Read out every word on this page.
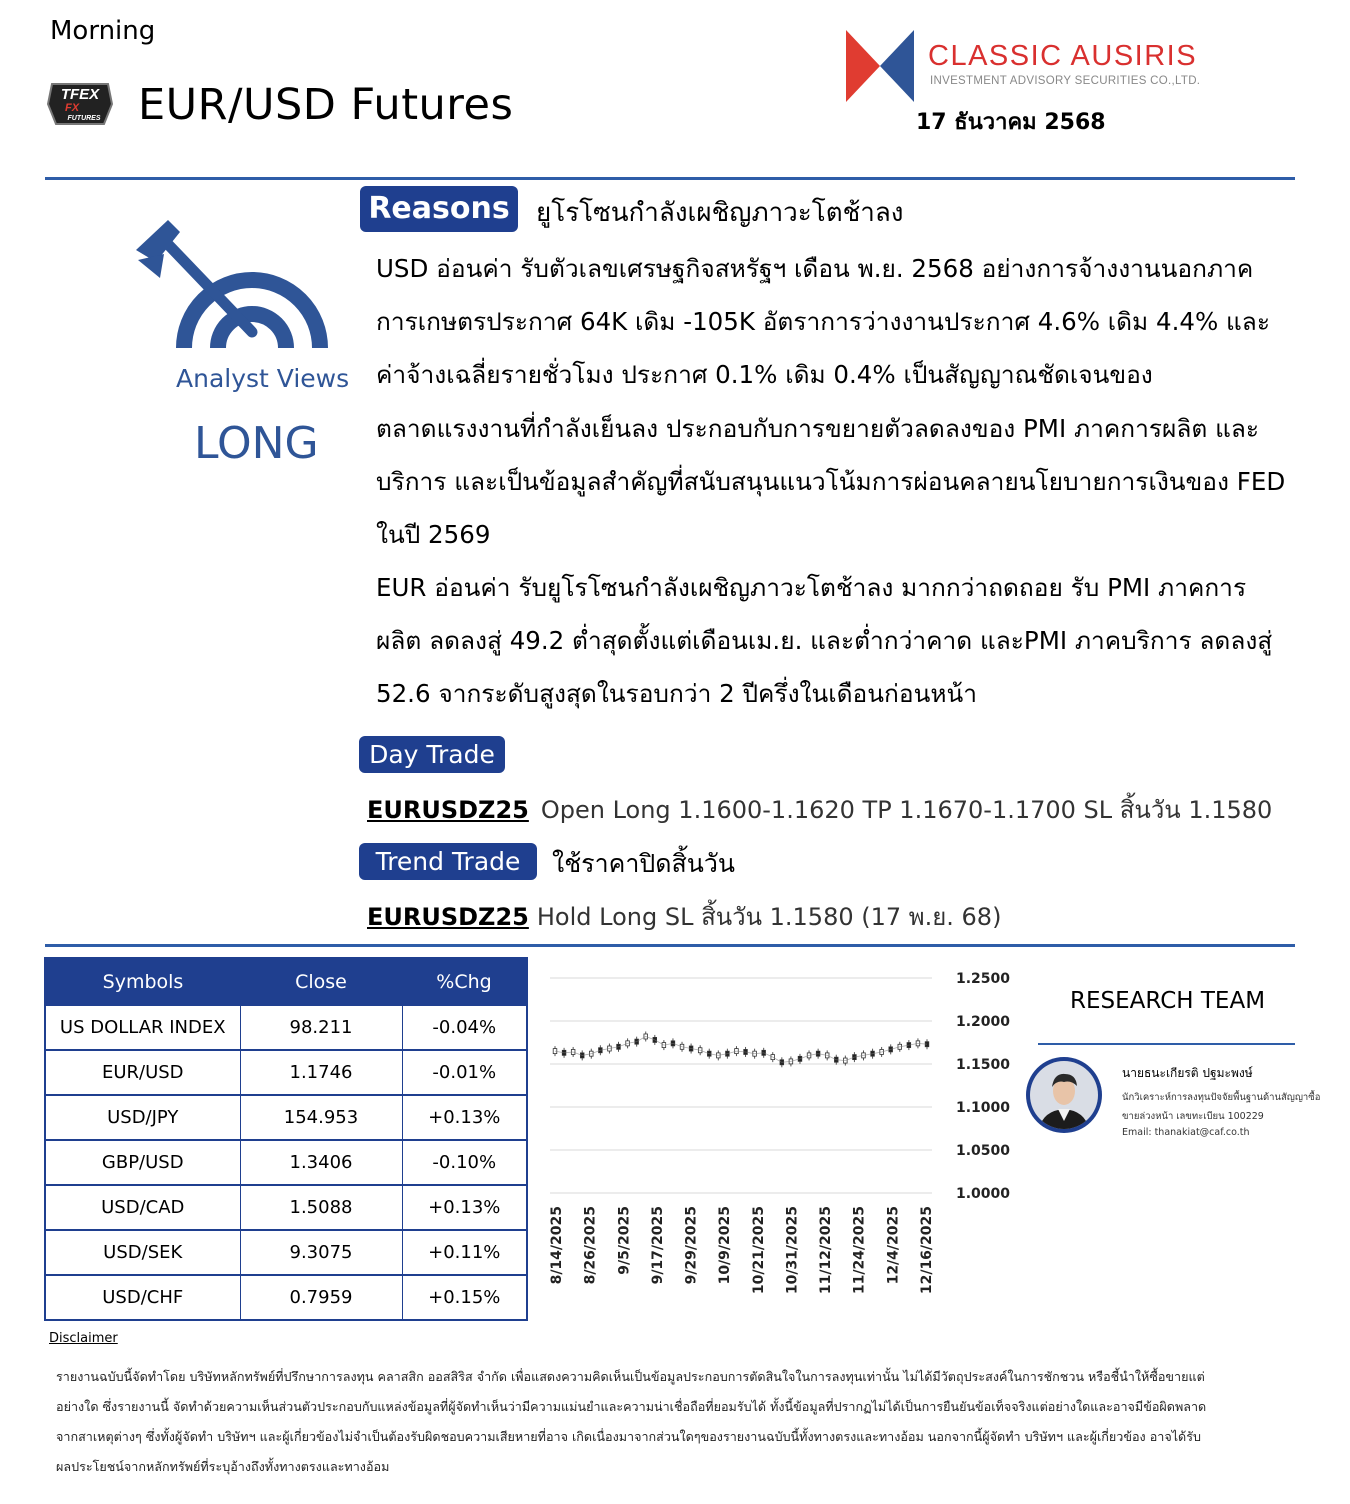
Morning
TFEX
FX
FUTURES EUR/USD Futures
CLASSIC AUSIRIS
INVESTMENT ADVISORY SECURITIES CO.,LTD.
17 ธันวาคม 2568
Analyst Views
LONG
Reasons	ยูโรโซนกำลังเผชิญภาวะโตช้าลง
USD อ่อนค่า รับตัวเลขเศรษฐกิจสหรัฐฯ เดือน พ.ย. 2568 อย่างการจ้างงานนอกภาค
การเกษตรประกาศ 64K เดิม -105K อัตราการว่างงานประกาศ 4.6% เดิม 4.4% และ
ค่าจ้างเฉลี่ยรายชั่วโมง ประกาศ 0.1% เดิม 0.4% เป็นสัญญาณชัดเจนของ
ตลาดแรงงานที่กำลังเย็นลง ประกอบกับการขยายตัวลดลงของ PMI ภาคการผลิต และ
บริการ และเป็นข้อมูลสำคัญที่สนับสนุนแนวโน้มการผ่อนคลายนโยบายการเงินของ FED
ในปี 2569
EUR อ่อนค่า รับยูโรโซนกำลังเผชิญภาวะโตช้าลง มากกว่าถดถอย รับ PMI ภาคการ
ผลิต ลดลงสู่ 49.2 ต่ำสุดตั้งแต่เดือนเม.ย. และต่ำกว่าคาด และPMI ภาคบริการ ลดลงสู่
52.6 จากระดับสูงสุดในรอบกว่า 2 ปีครึ่งในเดือนก่อนหน้า
Day Trade
EURUSDZ25 Open Long 1.1600-1.1620 TP 1.1670-1.1700 SL สิ้นวัน 1.1580
Trend Trade	ใช้ราคาปิดสิ้นวัน
EURUSDZ25 Hold Long SL สิ้นวัน 1.1580 (17 พ.ย. 68)
Symbols	Close	%Chg
US DOLLAR INDEX	98.211	-0.04%
EUR/USD	1.1746	-0.01%
USD/JPY	154.953	+0.13%
GBP/USD	1.3406	-0.10%
USD/CAD	1.5088	+0.13%
USD/SEK	9.3075	+0.11%
USD/CHF	0.7959	+0.15%
1.2500
1.2000
1.1500
1.1000
1.0500
1.0000
8/14/2025 8/26/2025 9/5/2025 9/17/2025 9/29/2025 10/9/2025 10/21/2025 10/31/2025 11/12/2025 11/24/2025 12/4/2025 12/16/2025
RESEARCH TEAM
นายธนะเกียรติ ปฐมะพงษ์
นักวิเคราะห์การลงทุนปัจจัยพื้นฐานด้านสัญญาซื้อ
ขายล่วงหน้า เลขทะเบียน 100229
Email: thanakiat@caf.co.th
Disclaimer
รายงานฉบับนี้จัดทำโดย บริษัทหลักทรัพย์ที่ปรึกษาการลงทุน คลาสสิก ออสสิริส จำกัด เพื่อแสดงความคิดเห็นเป็นข้อมูลประกอบการตัดสินใจในการลงทุนเท่านั้น ไม่ได้มีวัตถุประสงค์ในการชักชวน หรือชี้นำให้ซื้อขายแต่
อย่างใด ซึ่งรายงานนี้ จัดทำด้วยความเห็นส่วนตัวประกอบกับแหล่งข้อมูลที่ผู้จัดทำเห็นว่ามีความแม่นยำและความน่าเชื่อถือที่ยอมรับได้ ทั้งนี้ข้อมูลที่ปรากฏไม่ได้เป็นการยืนยันข้อเท็จจริงแต่อย่างใดและอาจมีข้อผิดพลาด
จากสาเหตุต่างๆ ซึ่งทั้งผู้จัดทำ บริษัทฯ และผู้เกี่ยวข้องไม่จำเป็นต้องรับผิดชอบความเสียหายที่อาจ เกิดเนื่องมาจากส่วนใดๆของรายงานฉบับนี้ทั้งทางตรงและทางอ้อม นอกจากนี้ผู้จัดทำ บริษัทฯ และผู้เกี่ยวข้อง อาจได้รับ
ผลประโยชน์จากหลักทรัพย์ที่ระบุอ้างถึงทั้งทางตรงและทางอ้อม
